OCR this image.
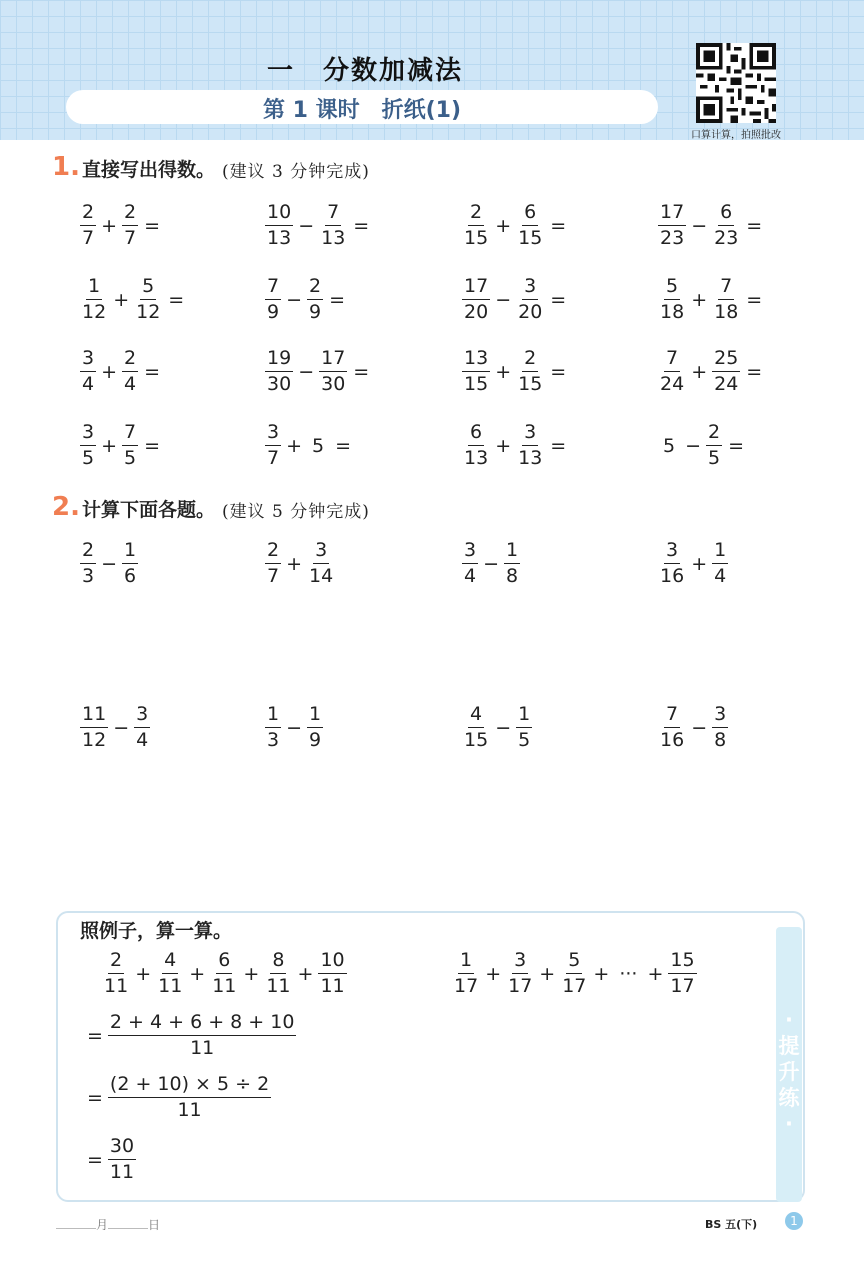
一　分数加减法
第 1 课时　折纸(1)
口算计算，拍照批改
1. 直接写出得数。 (建议 3 分钟完成)
$\frac{2}{7} + \frac{2}{7}$ =	$\frac{10}{13} - \frac{7}{13}$ =	$\frac{2}{15} + \frac{6}{15}$ =	$\frac{17}{23} - \frac{6}{23}$ =
$\frac{1}{12} + \frac{5}{12}$ =	$\frac{7}{9} - \frac{2}{9}$ =	$\frac{17}{20} - \frac{3}{20}$ =	$\frac{5}{18} + \frac{7}{18}$ =
$\frac{3}{4} + \frac{2}{4}$ =	$\frac{19}{30} - \frac{17}{30}$ =	$\frac{13}{15} + \frac{2}{15}$ =	$\frac{7}{24} + \frac{25}{24}$ =
$\frac{3}{5} + \frac{7}{5}$ =	$\frac{3}{7} + 5$ =	$\frac{6}{13} + \frac{3}{13}$ =	$5 - \frac{2}{5}$ =
2. 计算下面各题。 (建议 5 分钟完成)
$\frac{2}{3} - \frac{1}{6}$	$\frac{2}{7} + \frac{3}{14}$	$\frac{3}{4} - \frac{1}{8}$	$\frac{3}{16} + \frac{1}{4}$
$\frac{11}{12} - \frac{3}{4}$	$\frac{1}{3} - \frac{1}{9}$	$\frac{4}{15} - \frac{1}{5}$	$\frac{7}{16} - \frac{3}{8}$
·提升练·
照例子，算一算。
$\frac{2}{11} + \frac{4}{11} + \frac{6}{11} + \frac{8}{11} + \frac{10}{11}$
= $\frac{2 + 4 + 6 + 8 + 10}{11}$
= $\frac{(2 + 10) \times 5 \div 2}{11}$
= $\frac{30}{11}$
$\frac{1}{17} + \frac{3}{17} + \frac{5}{17}$ + ··· + $\frac{15}{17}$
月	日	BS 五(下)	1
